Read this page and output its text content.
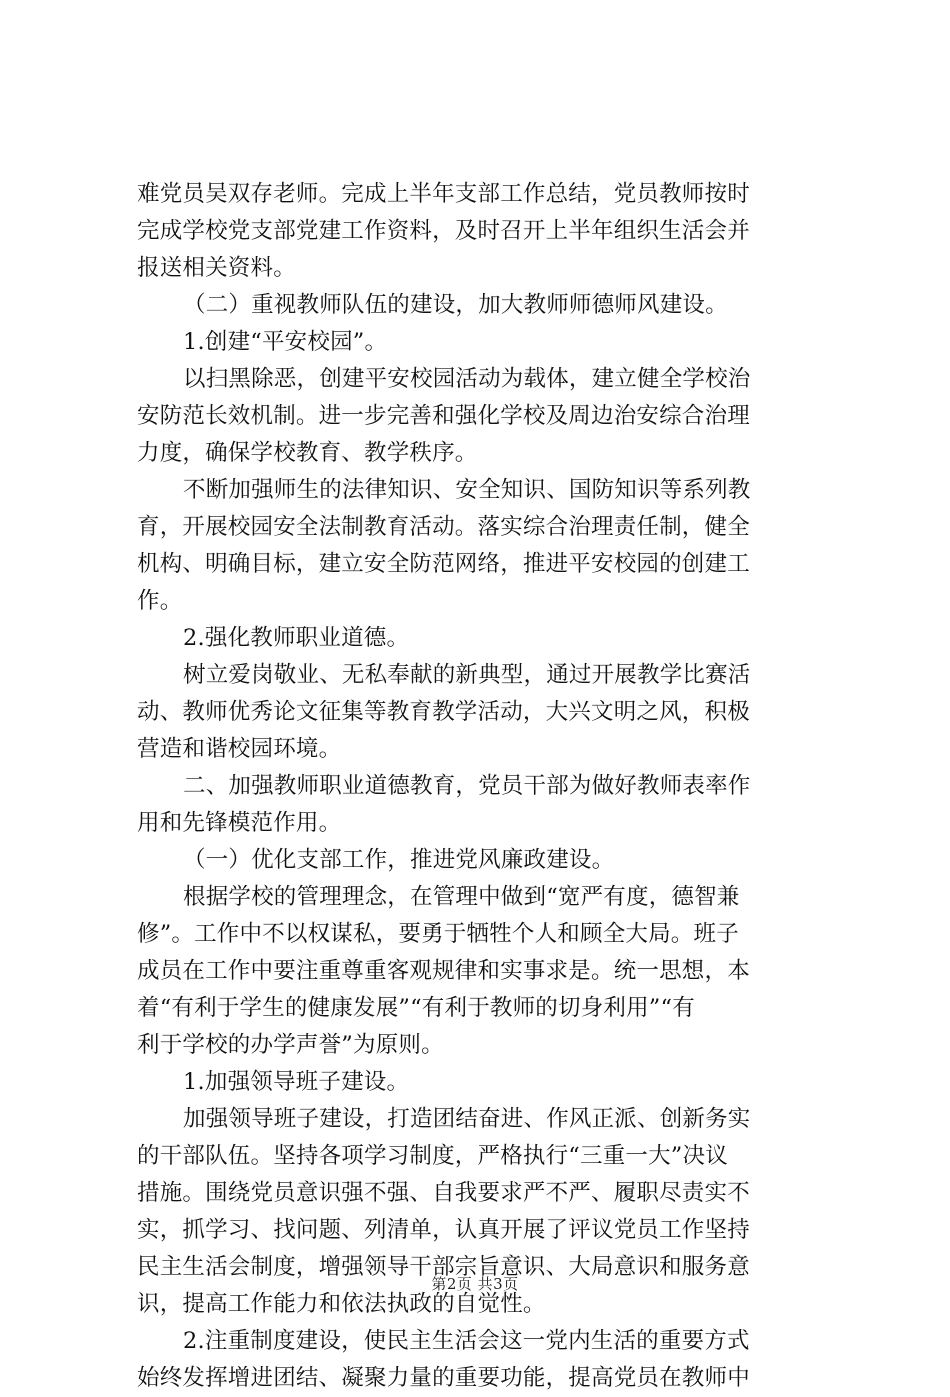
难党员吴双存老师。完成上半年支部工作总结，党员教师按时
完成学校党支部党建工作资料，及时召开上半年组织生活会并
报送相关资料。
（二）重视教师队伍的建设，加大教师师德师风建设。
1.创建“平安校园”。
以扫黑除恶，创建平安校园活动为载体，建立健全学校治
安防范长效机制。进一步完善和强化学校及周边治安综合治理
力度，确保学校教育、教学秩序。
不断加强师生的法律知识、安全知识、国防知识等系列教
育，开展校园安全法制教育活动。落实综合治理责任制，健全
机构、明确目标，建立安全防范网络，推进平安校园的创建工
作。
2.强化教师职业道德。
树立爱岗敬业、无私奉献的新典型，通过开展教学比赛活
动、教师优秀论文征集等教育教学活动，大兴文明之风，积极
营造和谐校园环境。
二、加强教师职业道德教育，党员干部为做好教师表率作
用和先锋模范作用。
（一）优化支部工作，推进党风廉政建设。
根据学校的管理理念，在管理中做到“宽严有度，德智兼
修”。工作中不以权谋私，要勇于牺牲个人和顾全大局。班子
成员在工作中要注重尊重客观规律和实事求是。统一思想，本
着“有利于学生的健康发展”“有利于教师的切身利用”“有
利于学校的办学声誉”为原则。
1.加强领导班子建设。
加强领导班子建设，打造团结奋进、作风正派、创新务实
的干部队伍。坚持各项学习制度，严格执行“三重一大”决议
措施。围绕党员意识强不强、自我要求严不严、履职尽责实不
实，抓学习、找问题、列清单，认真开展了评议党员工作坚持
民主生活会制度，增强领导干部宗旨意识、大局意识和服务意
识，提高工作能力和依法执政的自觉性。
2.注重制度建设，使民主生活会这一党内生活的重要方式
始终发挥增进团结、凝聚力量的重要功能，提高党员在教师中
第2页 共3页
